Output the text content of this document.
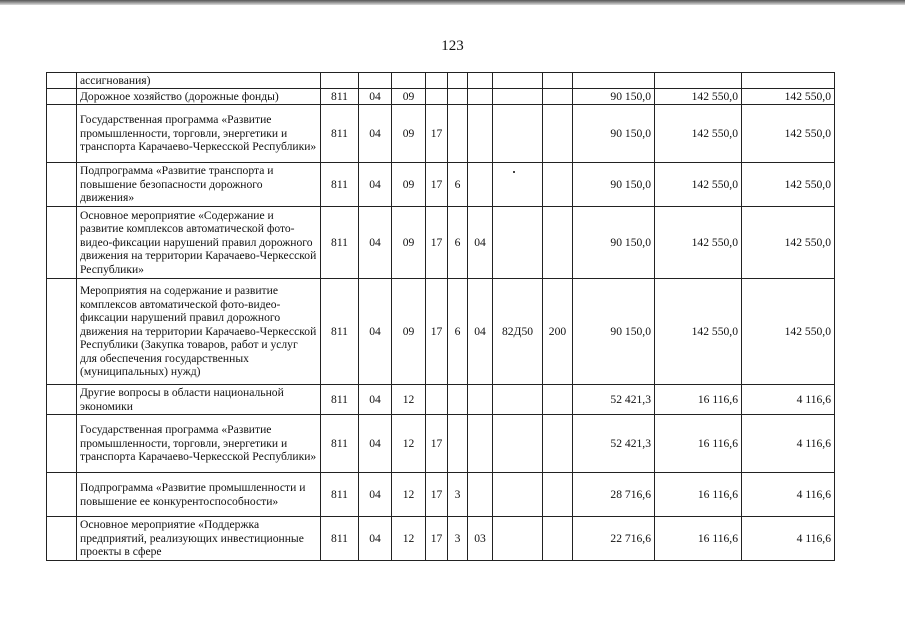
123
	ассигнования)											
	Дорожное хозяйство (дорожные фонды)	811	04	09						90 150,0	142 550,0	142 550,0
	Государственная программа «Развитие промышленности, торговли, энергетики и транспорта Карачаево-Черкесской Республики»	811	04	09	17					90 150,0	142 550,0	142 550,0
	Подпрограмма «Развитие транспорта и повышение безопасности дорожного движения»	811	04	09	17	6				90 150,0	142 550,0	142 550,0
	Основное мероприятие «Содержание и развитие комплексов автоматической фото-видео-фиксации нарушений правил дорожного движения на территории Карачаево-Черкесской Республики»	811	04	09	17	6	04			90 150,0	142 550,0	142 550,0
	Мероприятия на содержание и развитие комплексов автоматической фото-видео-фиксации нарушений правил дорожного движения на территории Карачаево-Черкесской Республики (Закупка товаров, работ и услуг для обеспечения государственных (муниципальных) нужд)	811	04	09	17	6	04	82Д50	200	90 150,0	142 550,0	142 550,0
	Другие вопросы в области национальной экономики	811	04	12						52 421,3	16 116,6	4 116,6
	Государственная программа «Развитие промышленности, торговли, энергетики и транспорта Карачаево-Черкесской Республики»	811	04	12	17					52 421,3	16 116,6	4 116,6
	Подпрограмма «Развитие промышленности и повышение ее конкурентоспособности»	811	04	12	17	3				28 716,6	16 116,6	4 116,6
	Основное мероприятие «Поддержка предприятий, реализующих инвестиционные проекты в сфере	811	04	12	17	3	03			22 716,6	16 116,6	4 116,6
